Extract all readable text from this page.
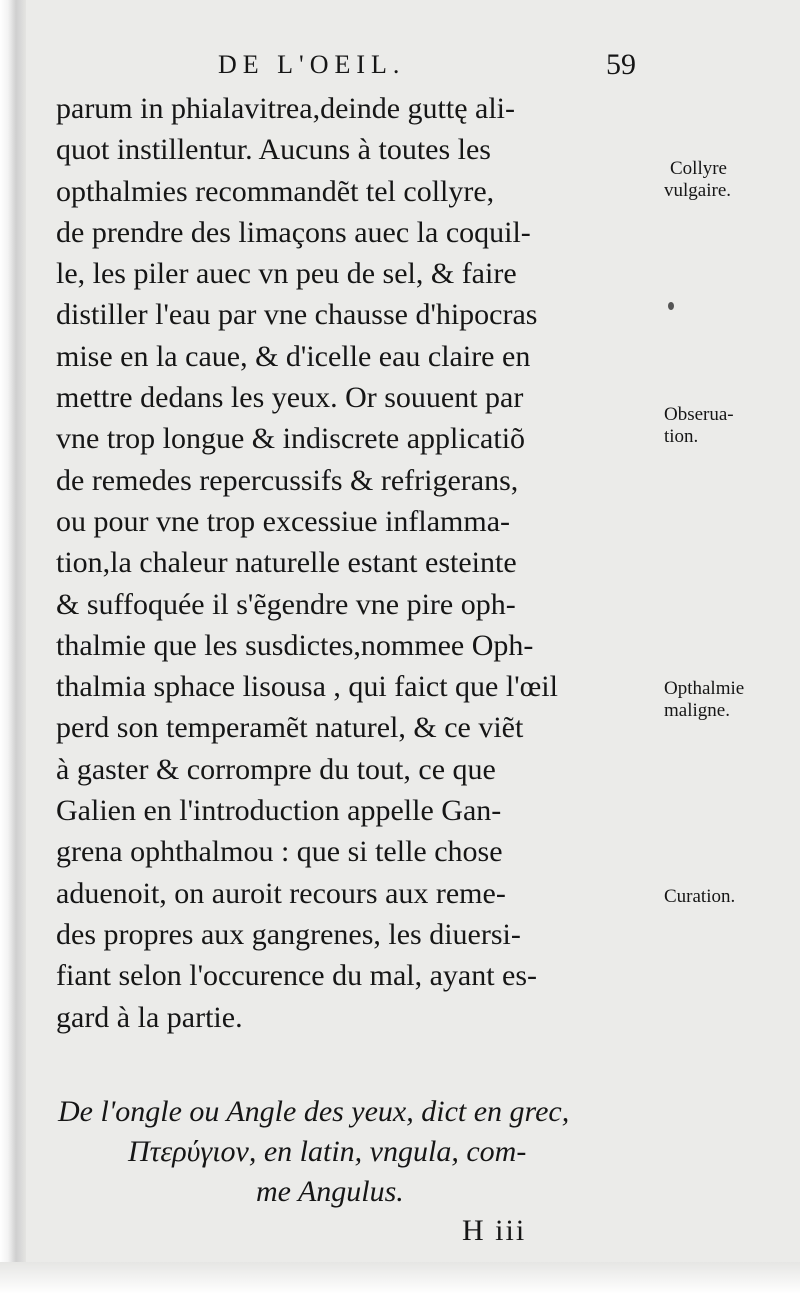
DE L'OEIL.	59
parum in phialavitrea,deinde guttę ali-
quot instillentur. Aucuns à toutes les
opthalmies recommandẽt tel collyre,
de prendre des limaçons auec la coquil-
le, les piler auec vn peu de sel, & faire
distiller l'eau par vne chausse d'hipocras
mise en la caue, & d'icelle eau claire en
mettre dedans les yeux. Or souuent par
vne trop longue & indiscrete applicatiõ
de remedes repercussifs & refrigerans,
ou pour vne trop excessiue inflamma-
tion,la chaleur naturelle estant esteinte
& suffoquée il s'ẽgendre vne pire oph-
thalmie que les susdictes,nommee Oph-
thalmia sphace lisousa , qui faict que l'œil
perd son temperamẽt naturel, & ce viẽt
à gaster & corrompre du tout, ce que
Galien en l'introduction appelle Gan-
grena ophthalmou : que si telle chose
aduenoit, on auroit recours aux reme-
des propres aux gangrenes, les diuersi-
fiant selon l'occurence du mal, ayant es-
gard à la partie.
Collyre
vulgaire.
Obserua-
tion.
Opthalmie
maligne.
Curation.
De l'ongle ou Angle des yeux, dict en grec,
Πτερύγιον, en latin, vngula, com-
me Angulus.
H iii
